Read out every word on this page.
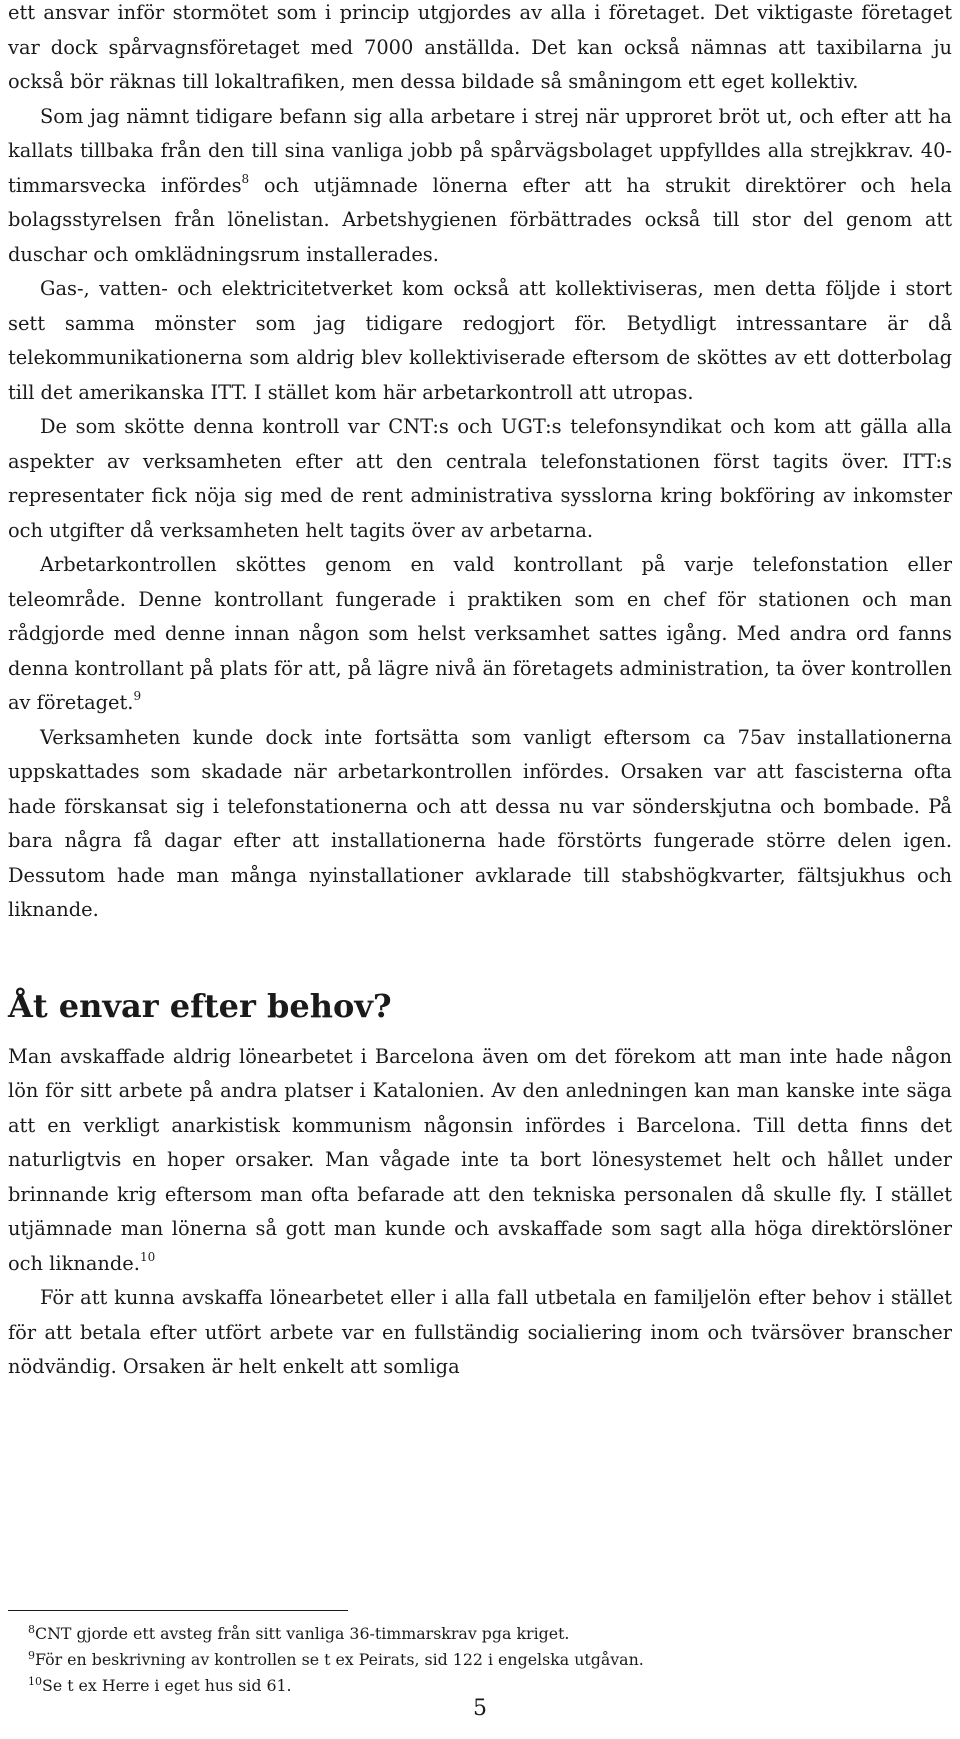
ett ansvar inför stormötet som i princip utgjordes av alla i företaget. Det viktigaste företaget var dock spårvagnsföretaget med 7000 anställda. Det kan också nämnas att taxibilarna ju också bör räknas till lokaltrafiken, men dessa bildade så småningom ett eget kollektiv.

Som jag nämnt tidigare befann sig alla arbetare i strej när upproret bröt ut, och efter att ha kallats tillbaka från den till sina vanliga jobb på spårvägsbolaget uppfylldes alla strejkkrav. 40-timmarsvecka infördes$^8$ och utjämnade lönerna efter att ha strukit direktörer och hela bolagsstyrelsen från lönelistan. Arbetshygienen förbättrades också till stor del genom att duschar och omklädningsrum installerades.

Gas-, vatten- och elektricitetverket kom också att kollektiviseras, men detta följde i stort sett samma mönster som jag tidigare redogjort för. Betydligt intressantare är då telekommunikationerna som aldrig blev kollektiviserade eftersom de sköttes av ett dotterbolag till det amerikanska ITT. I stället kom här arbetarkontroll att utropas.

De som skötte denna kontroll var CNT:s och UGT:s telefonsyndikat och kom att gälla alla aspekter av verksamheten efter att den centrala telefonstationen först tagits över. ITT:s representater fick nöja sig med de rent administrativa sysslorna kring bokföring av inkomster och utgifter då verksamheten helt tagits över av arbetarna.

Arbetarkontrollen sköttes genom en vald kontrollant på varje telefonstation eller teleområde. Denne kontrollant fungerade i praktiken som en chef för stationen och man rådgjorde med denne innan någon som helst verksamhet sattes igång. Med andra ord fanns denna kontrollant på plats för att, på lägre nivå än företagets administration, ta över kontrollen av företaget.$^9$

Verksamheten kunde dock inte fortsätta som vanligt eftersom ca 75av installationerna uppskattades som skadade när arbetarkontrollen infördes. Orsaken var att fascisterna ofta hade förskansat sig i telefonstationerna och att dessa nu var sönderskjutna och bombade. På bara några få dagar efter att installationerna hade förstörts fungerade större delen igen. Dessutom hade man många nyinstallationer avklarade till stabshögkvarter, fältsjukhus och liknande.

Åt envar efter behov?

Man avskaffade aldrig lönearbetet i Barcelona även om det förekom att man inte hade någon lön för sitt arbete på andra platser i Katalonien. Av den anledningen kan man kanske inte säga att en verkligt anarkistisk kommunism någonsin infördes i Barcelona. Till detta finns det naturligtvis en hoper orsaker. Man vågade inte ta bort lönesystemet helt och hållet under brinnande krig eftersom man ofta befarade att den tekniska personalen då skulle fly. I stället utjämnade man lönerna så gott man kunde och avskaffade som sagt alla höga direktörslöner och liknande.$^{10}$

För att kunna avskaffa lönearbetet eller i alla fall utbetala en familjelön efter behov i stället för att betala efter utfört arbete var en fullständig socialiering inom och tvärsöver branscher nödvändig. Orsaken är helt enkelt att somliga

$^8$CNT gjorde ett avsteg från sitt vanliga 36-timmarskrav pga kriget.

$^9$För en beskrivning av kontrollen se t ex Peirats, sid 122 i engelska utgåvan.

$^{10}$Se t ex Herre i eget hus sid 61.

5
